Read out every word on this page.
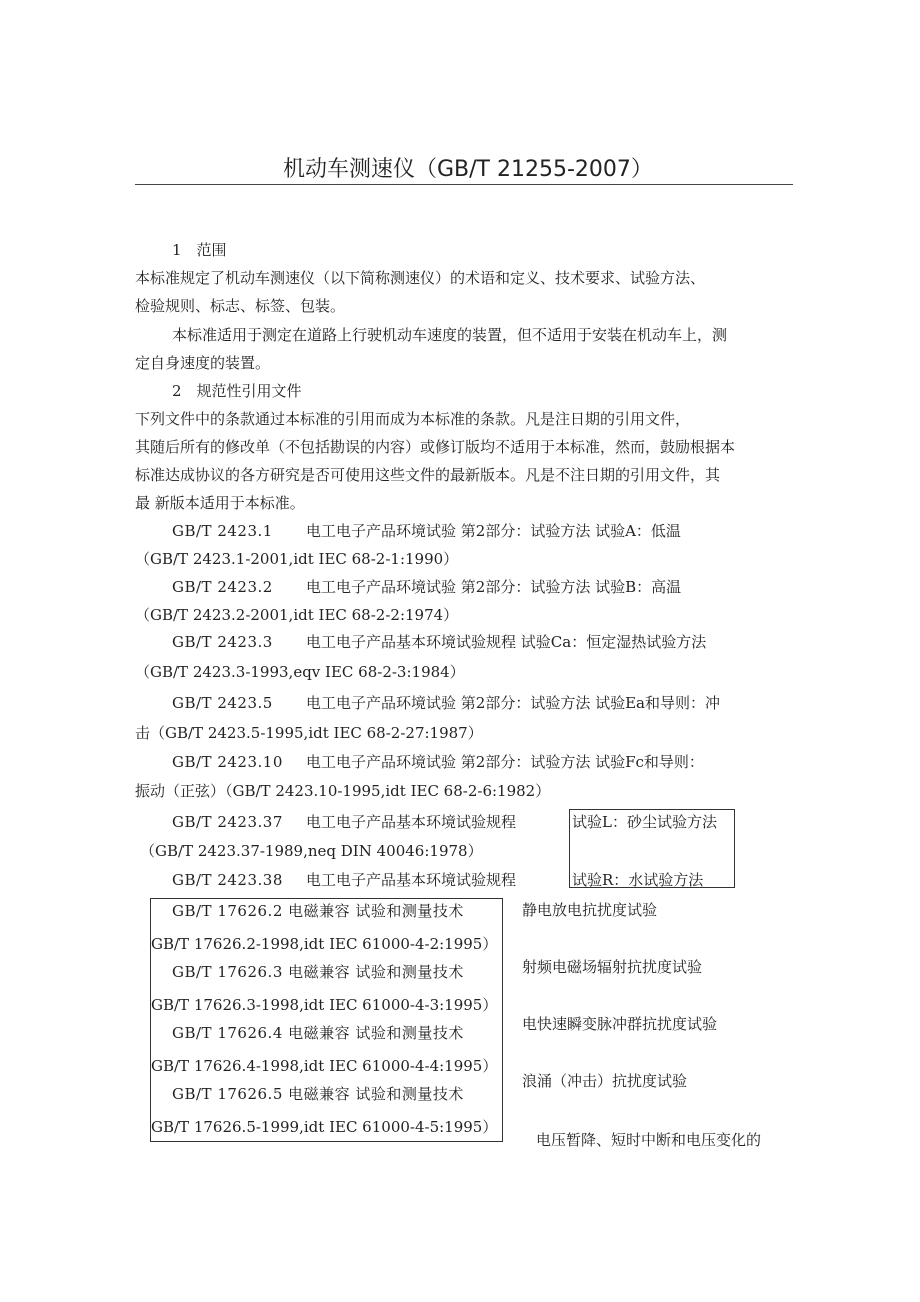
机动车测速仪（GB/T 21255-2007）
1　范围
本标准规定了机动车测速仪（以下简称测速仪）的术语和定义、技术要求、试验方法、
检验规则、标志、标签、包装。
本标准适用于测定在道路上行驶机动车速度的装置，但不适用于安装在机动车上，测
定自身速度的装置。
2　规范性引用文件
下列文件中的条款通过本标准的引用而成为本标准的条款。凡是注日期的引用文件，
其随后所有的修改单（不包括勘误的内容）或修订版均不适用于本标准，然而，鼓励根据本
标准达成协议的各方研究是否可使用这些文件的最新版本。凡是不注日期的引用文件，其
最 新版本适用于本标准。
GB/T 2423.1 电工电子产品环境试验 第2部分：试验方法 试验A：低温
（GB/T 2423.1-2001,idt IEC 68-2-1:1990）
GB/T 2423.2 电工电子产品环境试验 第2部分：试验方法 试验B：高温
（GB/T 2423.2-2001,idt IEC 68-2-2:1974）
GB/T 2423.3 电工电子产品基本环境试验规程 试验Ca：恒定湿热试验方法
（GB/T 2423.3-1993,eqv IEC 68-2-3:1984）
GB/T 2423.5 电工电子产品环境试验 第2部分：试验方法 试验Ea和导则：冲
击（GB/T 2423.5-1995,idt IEC 68-2-27:1987）
GB/T 2423.10 电工电子产品环境试验 第2部分：试验方法 试验Fc和导则：
振动（正弦）（GB/T 2423.10-1995,idt IEC 68-2-6:1982）
GB/T 2423.37 电工电子产品基本环境试验规程
（GB/T 2423.37-1989,neq DIN 40046:1978）
GB/T 2423.38 电工电子产品基本环境试验规程
试验L：砂尘试验方法
试验R：水试验方法
GB/T 17626.2 电磁兼容 试验和测量技术
GB/T 17626.2-1998,idt IEC 61000-4-2:1995）
静电放电抗扰度试验
GB/T 17626.3 电磁兼容 试验和测量技术
GB/T 17626.3-1998,idt IEC 61000-4-3:1995）
射频电磁场辐射抗扰度试验
GB/T 17626.4 电磁兼容 试验和测量技术
GB/T 17626.4-1998,idt IEC 61000-4-4:1995）
电快速瞬变脉冲群抗扰度试验
GB/T 17626.5 电磁兼容 试验和测量技术
GB/T 17626.5-1999,idt IEC 61000-4-5:1995）
浪涌（冲击）抗扰度试验
电压暂降、短时中断和电压变化的
